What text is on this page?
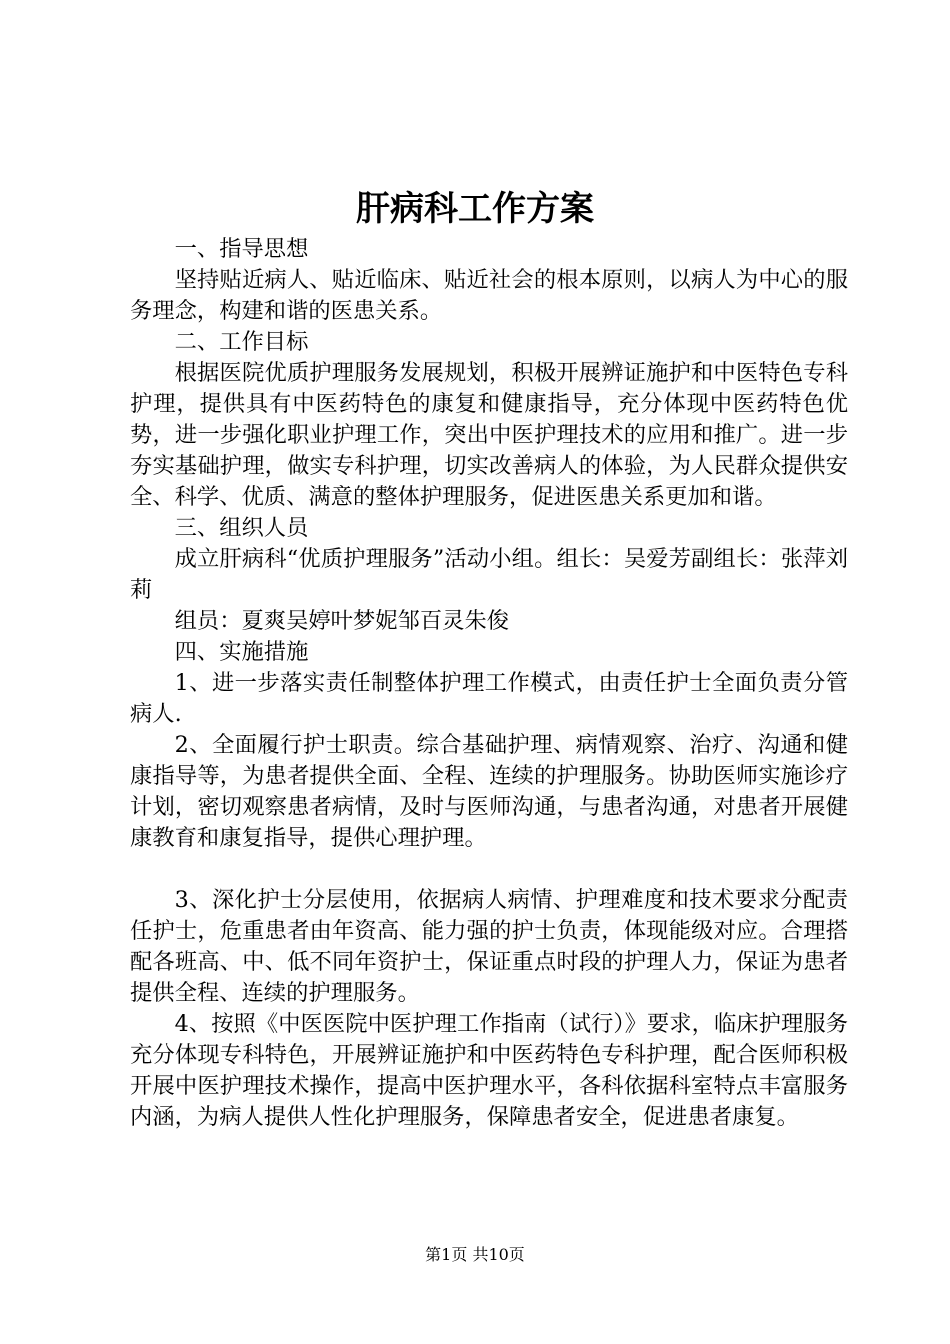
肝病科工作方案

一、指导思想

坚持贴近病人、贴近临床、贴近社会的根本原则，以病人为中心的服务理念，构建和谐的医患关系。

二、工作目标

根据医院优质护理服务发展规划，积极开展辨证施护和中医特色专科护理，提供具有中医药特色的康复和健康指导，充分体现中医药特色优势，进一步强化职业护理工作，突出中医护理技术的应用和推广。进一步夯实基础护理，做实专科护理，切实改善病人的体验，为人民群众提供安全、科学、优质、满意的整体护理服务，促进医患关系更加和谐。

三、组织人员

成立肝病科“优质护理服务”活动小组。组长：吴爱芳副组长：张萍刘莉

组员：夏爽吴婷叶梦妮邹百灵朱俊

四、实施措施

1、进一步落实责任制整体护理工作模式，由责任护士全面负责分管病人.

2、全面履行护士职责。综合基础护理、病情观察、治疗、沟通和健康指导等，为患者提供全面、全程、连续的护理服务。协助医师实施诊疗计划，密切观察患者病情，及时与医师沟通，与患者沟通，对患者开展健康教育和康复指导，提供心理护理。

3、深化护士分层使用，依据病人病情、护理难度和技术要求分配责任护士，危重患者由年资高、能力强的护士负责，体现能级对应。合理搭配各班高、中、低不同年资护士，保证重点时段的护理人力，保证为患者提供全程、连续的护理服务。

4、按照《中医医院中医护理工作指南（试行）》要求，临床护理服务充分体现专科特色，开展辨证施护和中医药特色专科护理，配合医师积极开展中医护理技术操作，提高中医护理水平，各科依据科室特点丰富服务内涵，为病人提供人性化护理服务，保障患者安全，促进患者康复。

第1页 共10页
